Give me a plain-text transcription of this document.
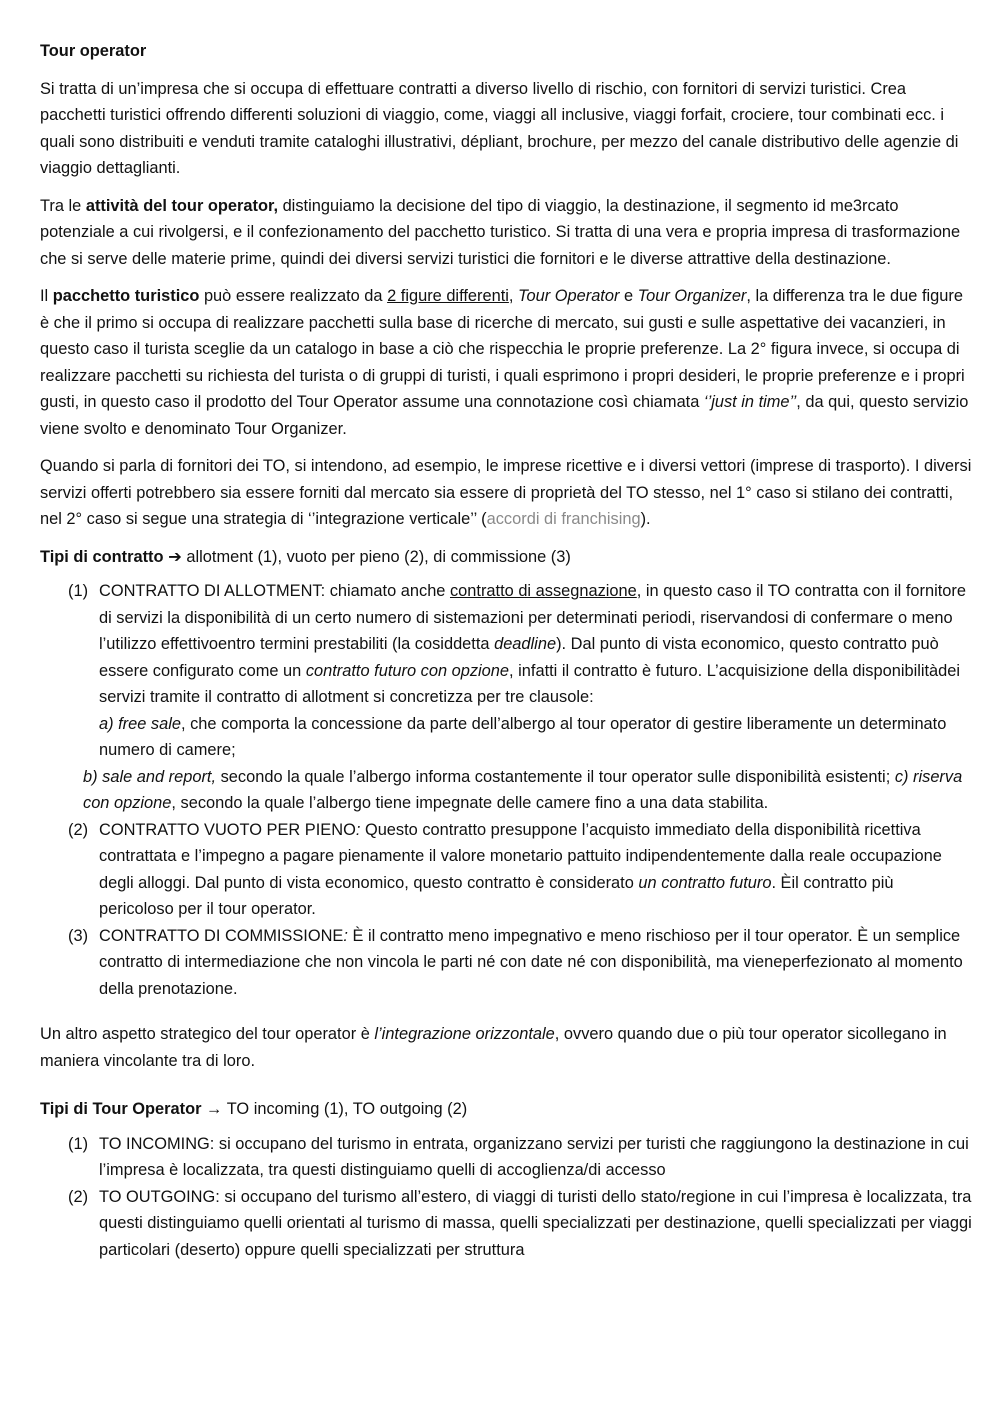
Tour operator

Si tratta di un’impresa che si occupa di effettuare contratti a diverso livello di rischio, con fornitori di servizi turistici. Crea pacchetti turistici offrendo differenti soluzioni di viaggio, come, viaggi all inclusive, viaggi forfait, crociere, tour combinati ecc. i quali sono distribuiti e venduti tramite cataloghi illustrativi, dépliant, brochure, per mezzo del canale distributivo delle agenzie di viaggio dettaglianti.

Tra le attività del tour operator, distinguiamo la decisione del tipo di viaggio, la destinazione, il segmento id me3rcato potenziale a cui rivolgersi, e il confezionamento del pacchetto turistico. Si tratta di una vera e propria impresa di trasformazione che si serve delle materie prime, quindi dei diversi servizi turistici die fornitori e le diverse attrattive della destinazione.

Il pacchetto turistico può essere realizzato da 2 figure differenti, Tour Operator e Tour Organizer, la differenza tra le due figure è che il primo si occupa di realizzare pacchetti sulla base di ricerche di mercato, sui gusti e sulle aspettative dei vacanzieri, in questo caso il turista sceglie da un catalogo in base a ciò che rispecchia le proprie preferenze. La 2° figura invece, si occupa di realizzare pacchetti su richiesta del turista o di gruppi di turisti, i quali esprimono i propri desideri, le proprie preferenze e i propri gusti, in questo caso il prodotto del Tour Operator assume una connotazione così chiamata ‘’just in time’’, da qui, questo servizio viene svolto e denominato Tour Organizer.

Quando si parla di fornitori dei TO, si intendono, ad esempio, le imprese ricettive e i diversi vettori (imprese di trasporto). I diversi servizi offerti potrebbero sia essere forniti dal mercato sia essere di proprietà del TO stesso, nel 1° caso si stilano dei contratti, nel 2° caso si segue una strategia di ‘’integrazione verticale’’ (accordi di franchising).

Tipi di contratto ➔ allotment (1), vuoto per pieno (2), di commissione (3)
(1) CONTRATTO DI ALLOTMENT: chiamato anche contratto di assegnazione, in questo caso il TO contratta con il fornitore di servizi la disponibilità di un certo numero di sistemazioni per determinati periodi, riservandosi di confermare o meno l’utilizzo effettivoentro termini prestabiliti (la cosiddetta deadline). Dal punto di vista economico, questo contratto può essere configurato come un contratto futuro con opzione, infatti il contratto è futuro. L’acquisizione della disponibilitàdei servizi tramite il contratto di allotment si concretizza per tre clausole:
a) free sale, che comporta la concessione da parte dell’albergo al tour operator di gestire liberamente un determinato numero di camere;
b) sale and report, secondo la quale l’albergo informa costantemente il tour operator sulle disponibilità esistenti; c) riserva con opzione, secondo la quale l’albergo tiene impegnate delle camere fino a una data stabilita.
(2) CONTRATTO VUOTO PER PIENO: Questo contratto presuppone l’acquisto immediato della disponibilità ricettiva contrattata e l’impegno a pagare pienamente il valore monetario pattuito indipendentemente dalla reale occupazione degli alloggi. Dal punto di vista economico, questo contratto è considerato un contratto futuro. Èil contratto più pericoloso per il tour operator.
(3) CONTRATTO DI COMMISSIONE: È il contratto meno impegnativo e meno rischioso per il tour operator. È un semplice contratto di intermediazione che non vincola le parti né con date né con disponibilità, ma vieneperfezionato al momento della prenotazione.

Un altro aspetto strategico del tour operator è l’integrazione orizzontale, ovvero quando due o più tour operator sicollegano in maniera vincolante tra di loro.

Tipi di Tour Operator → TO incoming (1), TO outgoing (2)
(1) TO INCOMING: si occupano del turismo in entrata, organizzano servizi per turisti che raggiungono la destinazione in cui l’impresa è localizzata, tra questi distinguiamo quelli di accoglienza/di accesso
(2) TO OUTGOING: si occupano del turismo all’estero, di viaggi di turisti dello stato/regione in cui l’impresa è localizzata, tra questi distinguiamo quelli orientati al turismo di massa, quelli specializzati per destinazione, quelli specializzati per viaggi particolari (deserto) oppure quelli specializzati per struttura
